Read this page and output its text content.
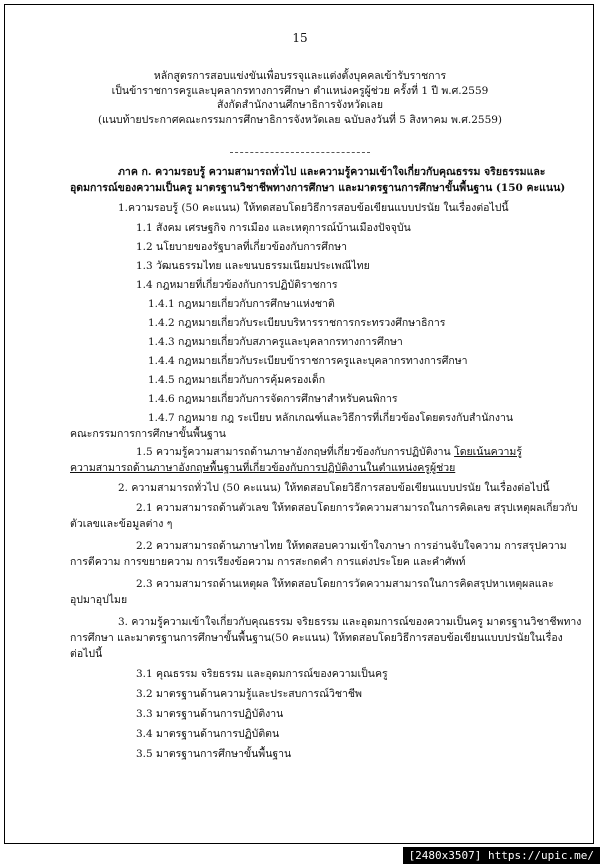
15
หลักสูตรการสอบแข่งขันเพื่อบรรจุและแต่งตั้งบุคคลเข้ารับราชการ
เป็นข้าราชการครูและบุคลากรทางการศึกษา ตำแหน่งครูผู้ช่วย ครั้งที่ 1 ปี พ.ศ.2559
สังกัดสำนักงานศึกษาธิการจังหวัดเลย
(แนบท้ายประกาศคณะกรรมการศึกษาธิการจังหวัดเลย ฉบับลงวันที่ 5 สิงหาคม พ.ศ.2559)
ภาค ก. ความรอบรู้ ความสามารถทั่วไป และความรู้ความเข้าใจเกี่ยวกับคุณธรรม จริยธรรมและ
อุดมการณ์ของความเป็นครู มาตรฐานวิชาชีพทางการศึกษา และมาตรฐานการศึกษาขั้นพื้นฐาน (150 คะแนน)
1.ความรอบรู้ (50 คะแนน) ให้ทดสอบโดยวิธีการสอบข้อเขียนแบบปรนัย ในเรื่องต่อไปนี้
1.1 สังคม เศรษฐกิจ การเมือง และเหตุการณ์บ้านเมืองปัจจุบัน
1.2 นโยบายของรัฐบาลที่เกี่ยวข้องกับการศึกษา
1.3 วัฒนธรรมไทย และขนบธรรมเนียมประเพณีไทย
1.4 กฎหมายที่เกี่ยวข้องกับการปฏิบัติราชการ
1.4.1 กฎหมายเกี่ยวกับการศึกษาแห่งชาติ
1.4.2 กฎหมายเกี่ยวกับระเบียบบริหารราชการกระทรวงศึกษาธิการ
1.4.3 กฎหมายเกี่ยวกับสภาครูและบุคลากรทางการศึกษา
1.4.4 กฎหมายเกี่ยวกับระเบียบข้าราชการครูและบุคลากรทางการศึกษา
1.4.5 กฎหมายเกี่ยวกับการคุ้มครองเด็ก
1.4.6 กฎหมายเกี่ยวกับการจัดการศึกษาสำหรับคนพิการ
1.4.7 กฎหมาย กฎ ระเบียบ หลักเกณฑ์และวิธีการที่เกี่ยวข้องโดยตรงกับสำนักงาน
คณะกรรมการการศึกษาขั้นพื้นฐาน
1.5 ความรู้ความสามารถด้านภาษาอังกฤษที่เกี่ยวข้องกับการปฏิบัติงาน โดยเน้นความรู้
ความสามารถด้านภาษาอังกฤษพื้นฐานที่เกี่ยวข้องกับการปฏิบัติงานในตำแหน่งครูผู้ช่วย
2. ความสามารถทั่วไป (50 คะแนน) ให้ทดสอบโดยวิธีการสอบข้อเขียนแบบปรนัย ในเรื่องต่อไปนี้
2.1 ความสามารถด้านตัวเลข ให้ทดสอบโดยการวัดความสามารถในการคิดเลข สรุปเหตุผลเกี่ยวกับ
ตัวเลขและข้อมูลต่าง ๆ
2.2 ความสามารถด้านภาษาไทย ให้ทดสอบความเข้าใจภาษา การอ่านจับใจความ การสรุปความ
การตีความ การขยายความ การเรียงข้อความ การสะกดคำ การแต่งประโยค และคำศัพท์
2.3 ความสามารถด้านเหตุผล ให้ทดสอบโดยการวัดความสามารถในการคิดสรุปหาเหตุผลและ
อุปมาอุปไมย
3. ความรู้ความเข้าใจเกี่ยวกับคุณธรรม จริยธรรม และอุดมการณ์ของความเป็นครู มาตรฐานวิชาชีพทาง
การศึกษา และมาตรฐานการศึกษาขั้นพื้นฐาน(50 คะแนน) ให้ทดสอบโดยวิธีการสอบข้อเขียนแบบปรนัยในเรื่อง
ต่อไปนี้
3.1 คุณธรรม จริยธรรม และอุดมการณ์ของความเป็นครู
3.2 มาตรฐานด้านความรู้และประสบการณ์วิชาชีพ
3.3 มาตรฐานด้านการปฏิบัติงาน
3.4 มาตรฐานด้านการปฏิบัติตน
3.5 มาตรฐานการศึกษาขั้นพื้นฐาน
[2480x3507] https://upic.me/
